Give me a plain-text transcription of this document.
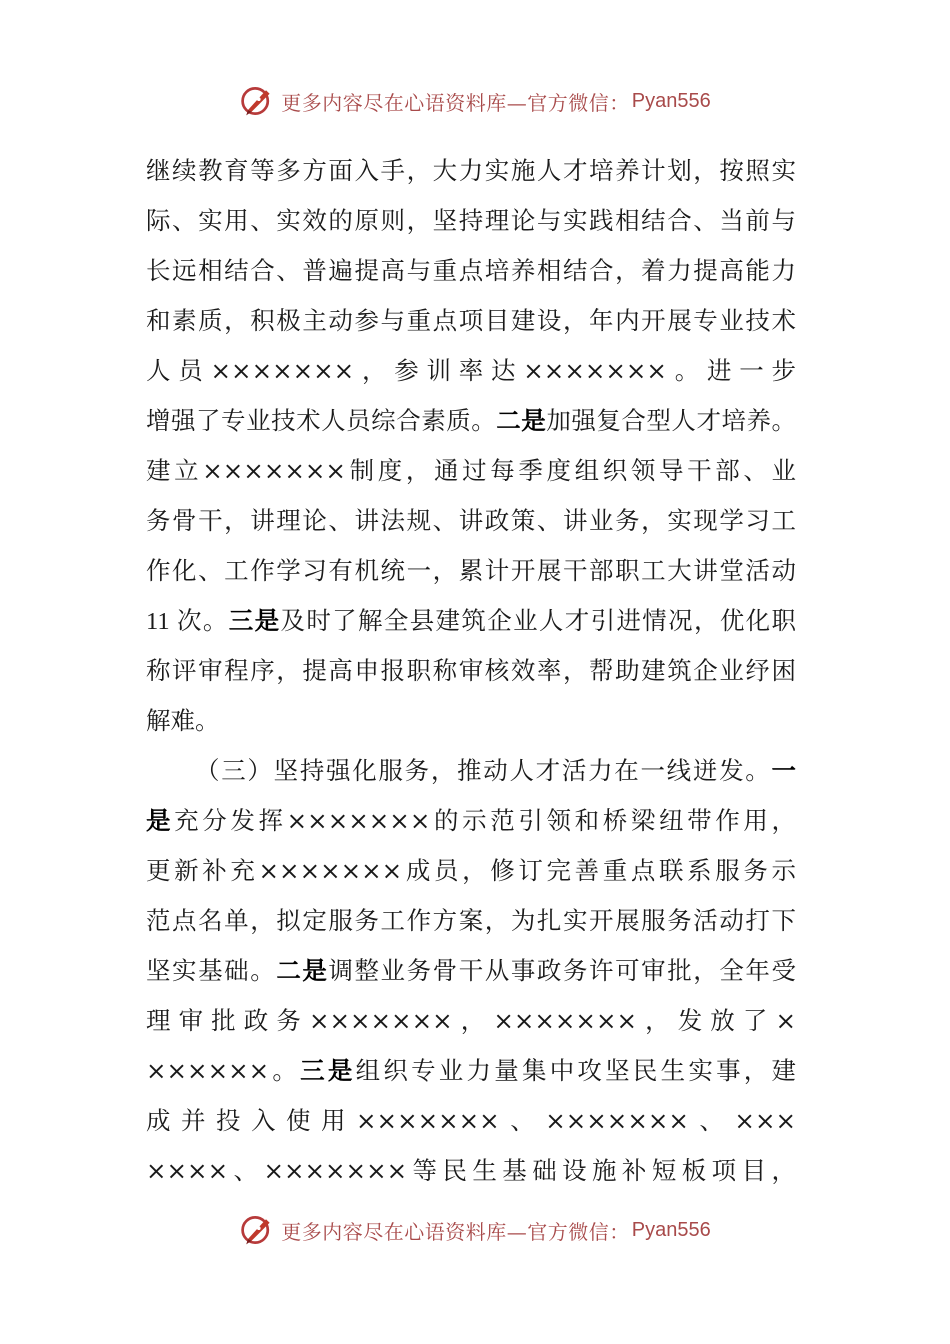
更多内容尽在心语资料库—官方微信： Pyan556
继续教育等多方面入手，大力实施人才培养计划，按照实
际、实用、实效的原则，坚持理论与实践相结合、当前与
长远相结合、普遍提高与重点培养相结合，着力提高能力
和素质，积极主动参与重点项目建设，年内开展专业技术
人员×××××××，参训率达×××××××。进一步
增强了专业技术人员综合素质。二是加强复合型人才培养。
建立×××××××制度，通过每季度组织领导干部、业
务骨干，讲理论、讲法规、讲政策、讲业务，实现学习工
作化、工作学习有机统一，累计开展干部职工大讲堂活动
11 次。三是及时了解全县建筑企业人才引进情况，优化职
称评审程序，提高申报职称审核效率，帮助建筑企业纾困
解难。
（三）坚持强化服务，推动人才活力在一线迸发。一
是充分发挥×××××××的示范引领和桥梁纽带作用，
更新补充×××××××成员，修订完善重点联系服务示
范点名单，拟定服务工作方案，为扎实开展服务活动打下
坚实基础。二是调整业务骨干从事政务许可审批，全年受
理审批政务×××××××，×××××××，发放了×
××××××。三是组织专业力量集中攻坚民生实事，建
成并投入使用×××××××、×××××××、×××
××××、×××××××等民生基础设施补短板项目，
更多内容尽在心语资料库—官方微信： Pyan556
